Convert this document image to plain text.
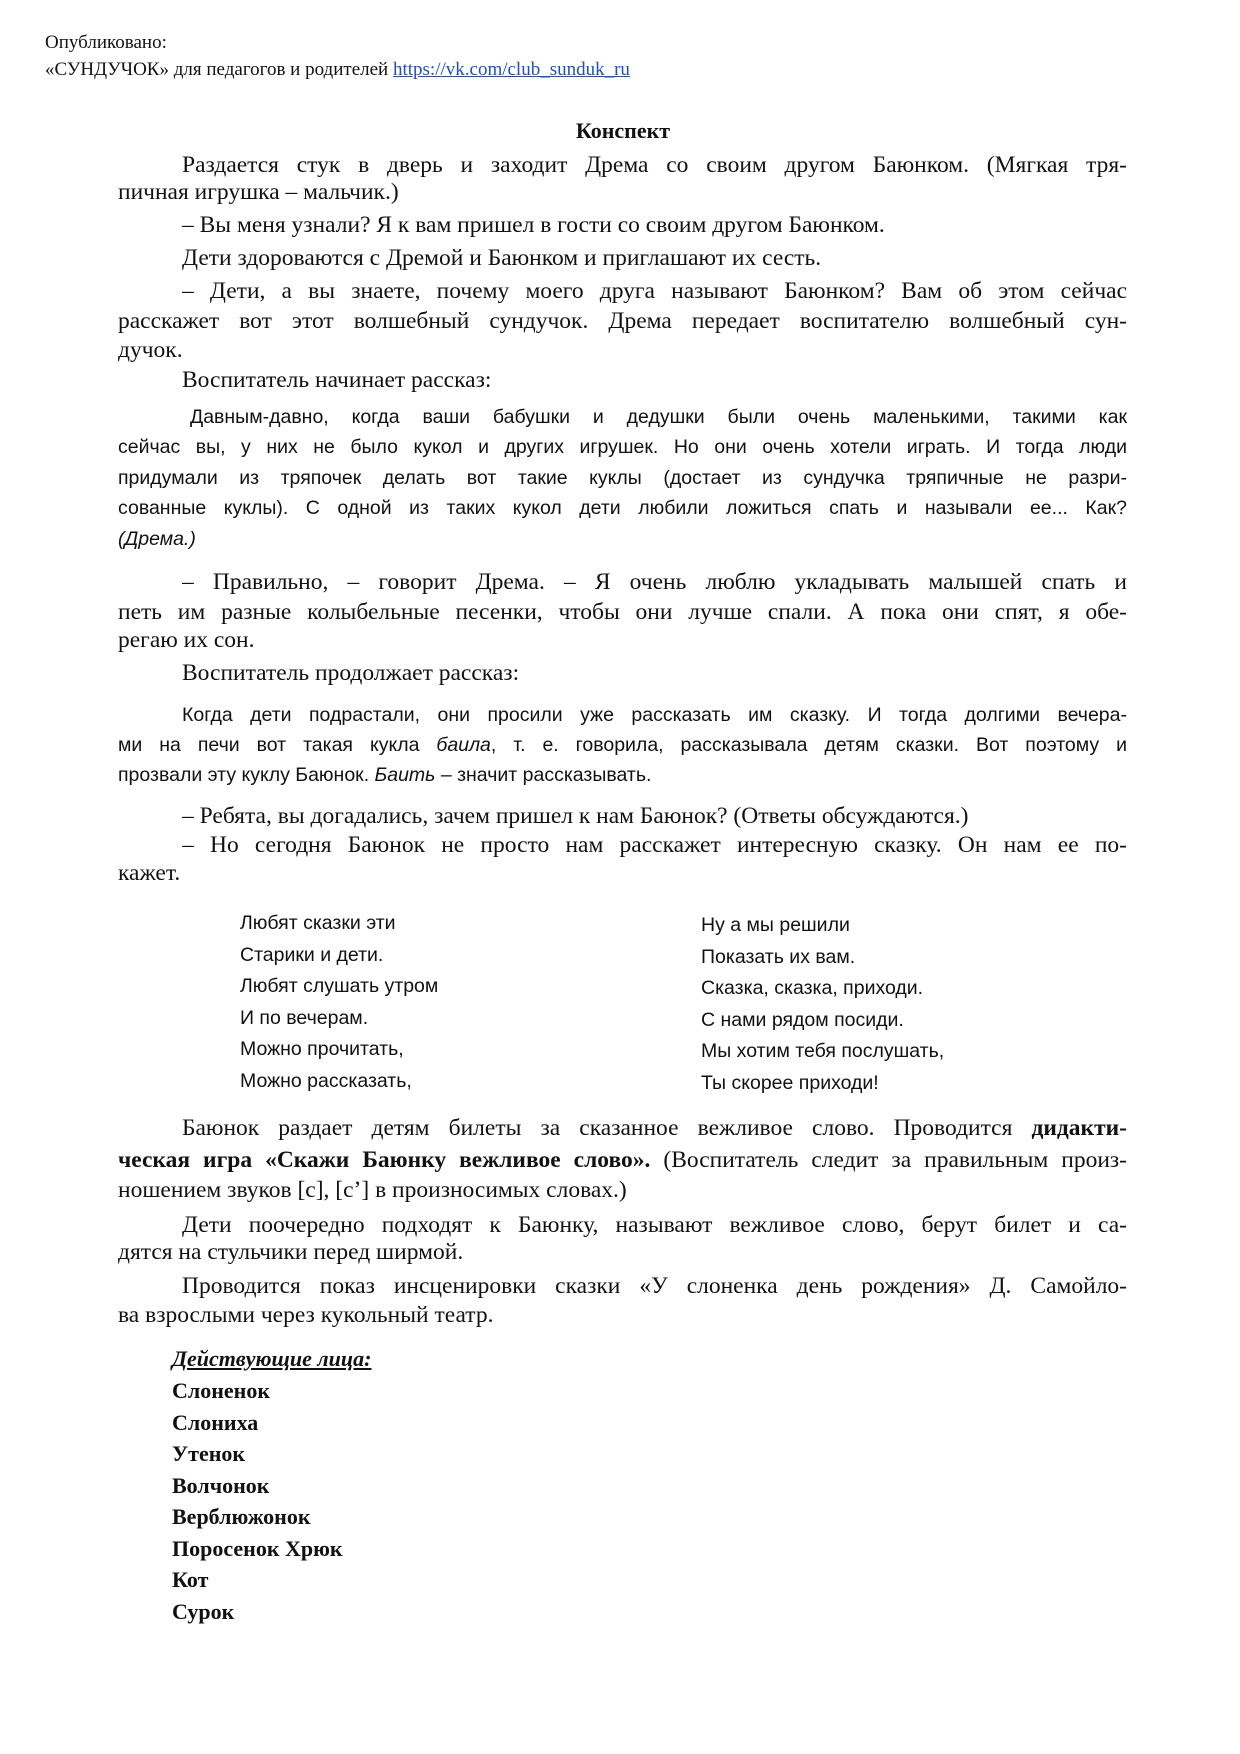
Опубликовано:
«СУНДУЧОК» для педагогов и родителей https://vk.com/club_sunduk_ru
Конспект
Раздается стук в дверь и заходит Дрема со своим другом Баюнком. (Мягкая тря-
пичная игрушка – мальчик.)
– Вы меня узнали? Я к вам пришел в гости со своим другом Баюнком.
Дети здороваются с Дремой и Баюнком и приглашают их сесть.
– Дети, а вы знаете, почему моего друга называют Баюнком? Вам об этом сейчас
расскажет вот этот волшебный сундучок. Дрема передает воспитателю волшебный сун-
дучок.
Воспитатель начинает рассказ:
Давным-давно, когда ваши бабушки и дедушки были очень маленькими, такими как
сейчас вы, у них не было кукол и других игрушек. Но они очень хотели играть. И тогда люди
придумали из тряпочек делать вот такие куклы (достает из сундучка тряпичные не разри-
сованные куклы). С одной из таких кукол дети любили ложиться спать и называли ее... Как?
(Дрема.)
– Правильно, – говорит Дрема. – Я очень люблю укладывать малышей спать и
петь им разные колыбельные песенки, чтобы они лучше спали. А пока они спят, я обе-
регаю их сон.
Воспитатель продолжает рассказ:
Когда дети подрастали, они просили уже рассказать им сказку. И тогда долгими вечера-
ми на печи вот такая кукла баила, т. е. говорила, рассказывала детям сказки. Вот поэтому и
прозвали эту куклу Баюнок. Баить – значит рассказывать.
– Ребята, вы догадались, зачем пришел к нам Баюнок? (Ответы обсуждаются.)
– Но сегодня Баюнок не просто нам расскажет интересную сказку. Он нам ее по-
кажет.
Баюнок раздает детям билеты за сказанное вежливое слово. Проводится дидакти-
ческая игра «Скажи Баюнку вежливое слово». (Воспитатель следит за правильным произ-
ношением звуков [с], [с’] в произносимых словах.)
Дети поочередно подходят к Баюнку, называют вежливое слово, берут билет и са-
дятся на стульчики перед ширмой.
Проводится показ инсценировки сказки «У слоненка день рождения» Д. Самойло-
ва взрослыми через кукольный театр.
Любят сказки эти
Старики и дети.
Любят слушать утром
И по вечерам.
Можно прочитать,
Можно рассказать,
Ну а мы решили
Показать их вам.
Сказка, сказка, приходи.
С нами рядом посиди.
Мы хотим тебя послушать,
Ты скорее приходи!
Действующие лица:
Слоненок
Слониха
Утенок
Волчонок
Верблюжонок
Поросенок Хрюк
Кот
Сурок
